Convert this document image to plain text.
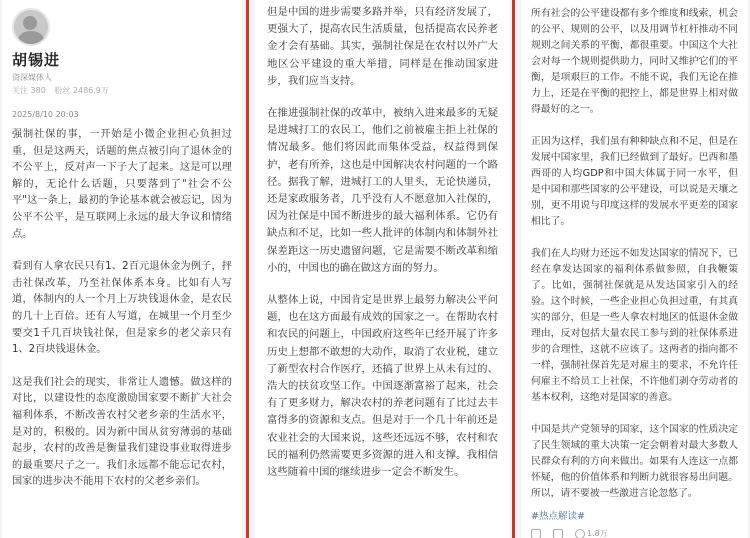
胡锡进
资深媒体人
关注 380 粉丝 2486.9万
2025/8/10 20:03

强制社保的事，一开始是小微企业担心负担过重，但是这两天，话题的焦点被引向了退休金的不公平上，反对声一下子大了起来。这是可以理解的，无论什么话题，只要落到了"社会不公平"这一条上，最初的争论基本就会被忘记，因为公平不公平，是互联网上永远的最大争议和情绪点。

看到有人拿农民只有1、2百元退休金为例子，抨击社保改革，乃至社保体系本身。比如有人写道，体制内的人一个月上万块钱退休金，是农民的几十上百倍。还有人写道，在城里一个月至少要交1千几百块钱社保，但是家乡的老父亲只有1、2百块钱退休金。

这是我们社会的现实，非常让人遗憾。做这样的对比，以建设性的态度激励国家要不断扩大社会福利体系，不断改善农村父老乡亲的生活水平，是对的，积极的。因为新中国从贫穷薄弱的基础起步，农村的改善是衡量我们建设事业取得进步的最重要尺子之一。我们永远都不能忘记农村，国家的进步决不能用下农村的父老乡亲们。

但是中国的进步需要多路并举，只有经济发展了，更强大了，提高农民生活质量，包括提高农民养老金才会有基础。其实，强制社保是在农村以外广大地区公平建设的重大举措，同样是在推动国家进步，我们应当支持。

在推进强制社保的改革中，被纳入进来最多的无疑是进城打工的农民工，他们之前被雇主拒上社保的情况最多。他们将因此而集体受益，权益得到保护，老有所养，这也是中国解决农村问题的一个路径。据我了解，进城打工的人里头，无论快递员，还是家政服务者，几乎没有人不愿意加入社保的，因为社保是中国不断进步的最大福利体系。它仍有缺点和不足，比如一些人批评的体制内和体制外社保差距这一历史遗留问题，它是需要不断改革和缩小的，中国也的确在做这方面的努力。

从整体上说，中国肯定是世界上最努力解决公平问题，也在这方面最有成效的国家之一。在帮助农村和农民的问题上，中国政府这些年已经开展了许多历史上想都不敢想的大动作，取消了农业税，建立了新型农村合作医疗，还搞了世界上从未有过的、浩大的扶贫攻坚工作。中国逐渐富裕了起来，社会有了更多财力，解决农村的养老问题有了比过去丰富得多的资源和支点。但是对于一个几十年前还是农业社会的大国来说，这些还远远不够，农村和农民的福利仍然需要更多资源的进入和支撑。我相信这些随着中国的继续进步一定会不断发生。

所有社会的公平建设都有多个维度和线索，机会的公平、规则的公平，以及用调节杠杆推动不同规则之间关系的平衡，都很重要。中国这个大社会对每一个规则提供助力，同时又维护它们的平衡，是项艰巨的工作。不能不说，我们无论在推力上，还是在平衡的把控上，都是世界上相对做得最好的之一。

正因为这样，我们虽有种种缺点和不足，但是在发展中国家里，我们已经做到了最好。巴西和墨西哥的人均GDP和中国大体属于同一水平，但是中国和那些国家的公平建设，可以说是天壤之别，更不用说与印度这样的发展水平更差的国家相比了。

我们在人均财力还远不如发达国家的情况下，已经在拿发达国家的福利体系做参照，自我鞭策了。比如，强制社保就是从发达国家引入的经验。这个时候，一些企业担心负担过重，有其真实的部分，但是一些人拿农村地区的低退休金做理由，反对包括大量农民工参与到的社保体系进步的合理性，这就不应该了。这两者的指向都不一样，强制社保首先是对雇主的要求，不允许任何雇主不给员工上社保，不许他们剥夺劳动者的基本权利，这绝对是国家的善意。

中国是共产党领导的国家，这个国家的性质决定了民生领域的重大决策一定会朝着对最大多数人民群众有利的方向来做出。如果有人连这一点都怀疑，他的价值体系和判断力就很容易出问题。所以，请不要被一些激进言论忽悠了。

#热点解读#
1.8万
